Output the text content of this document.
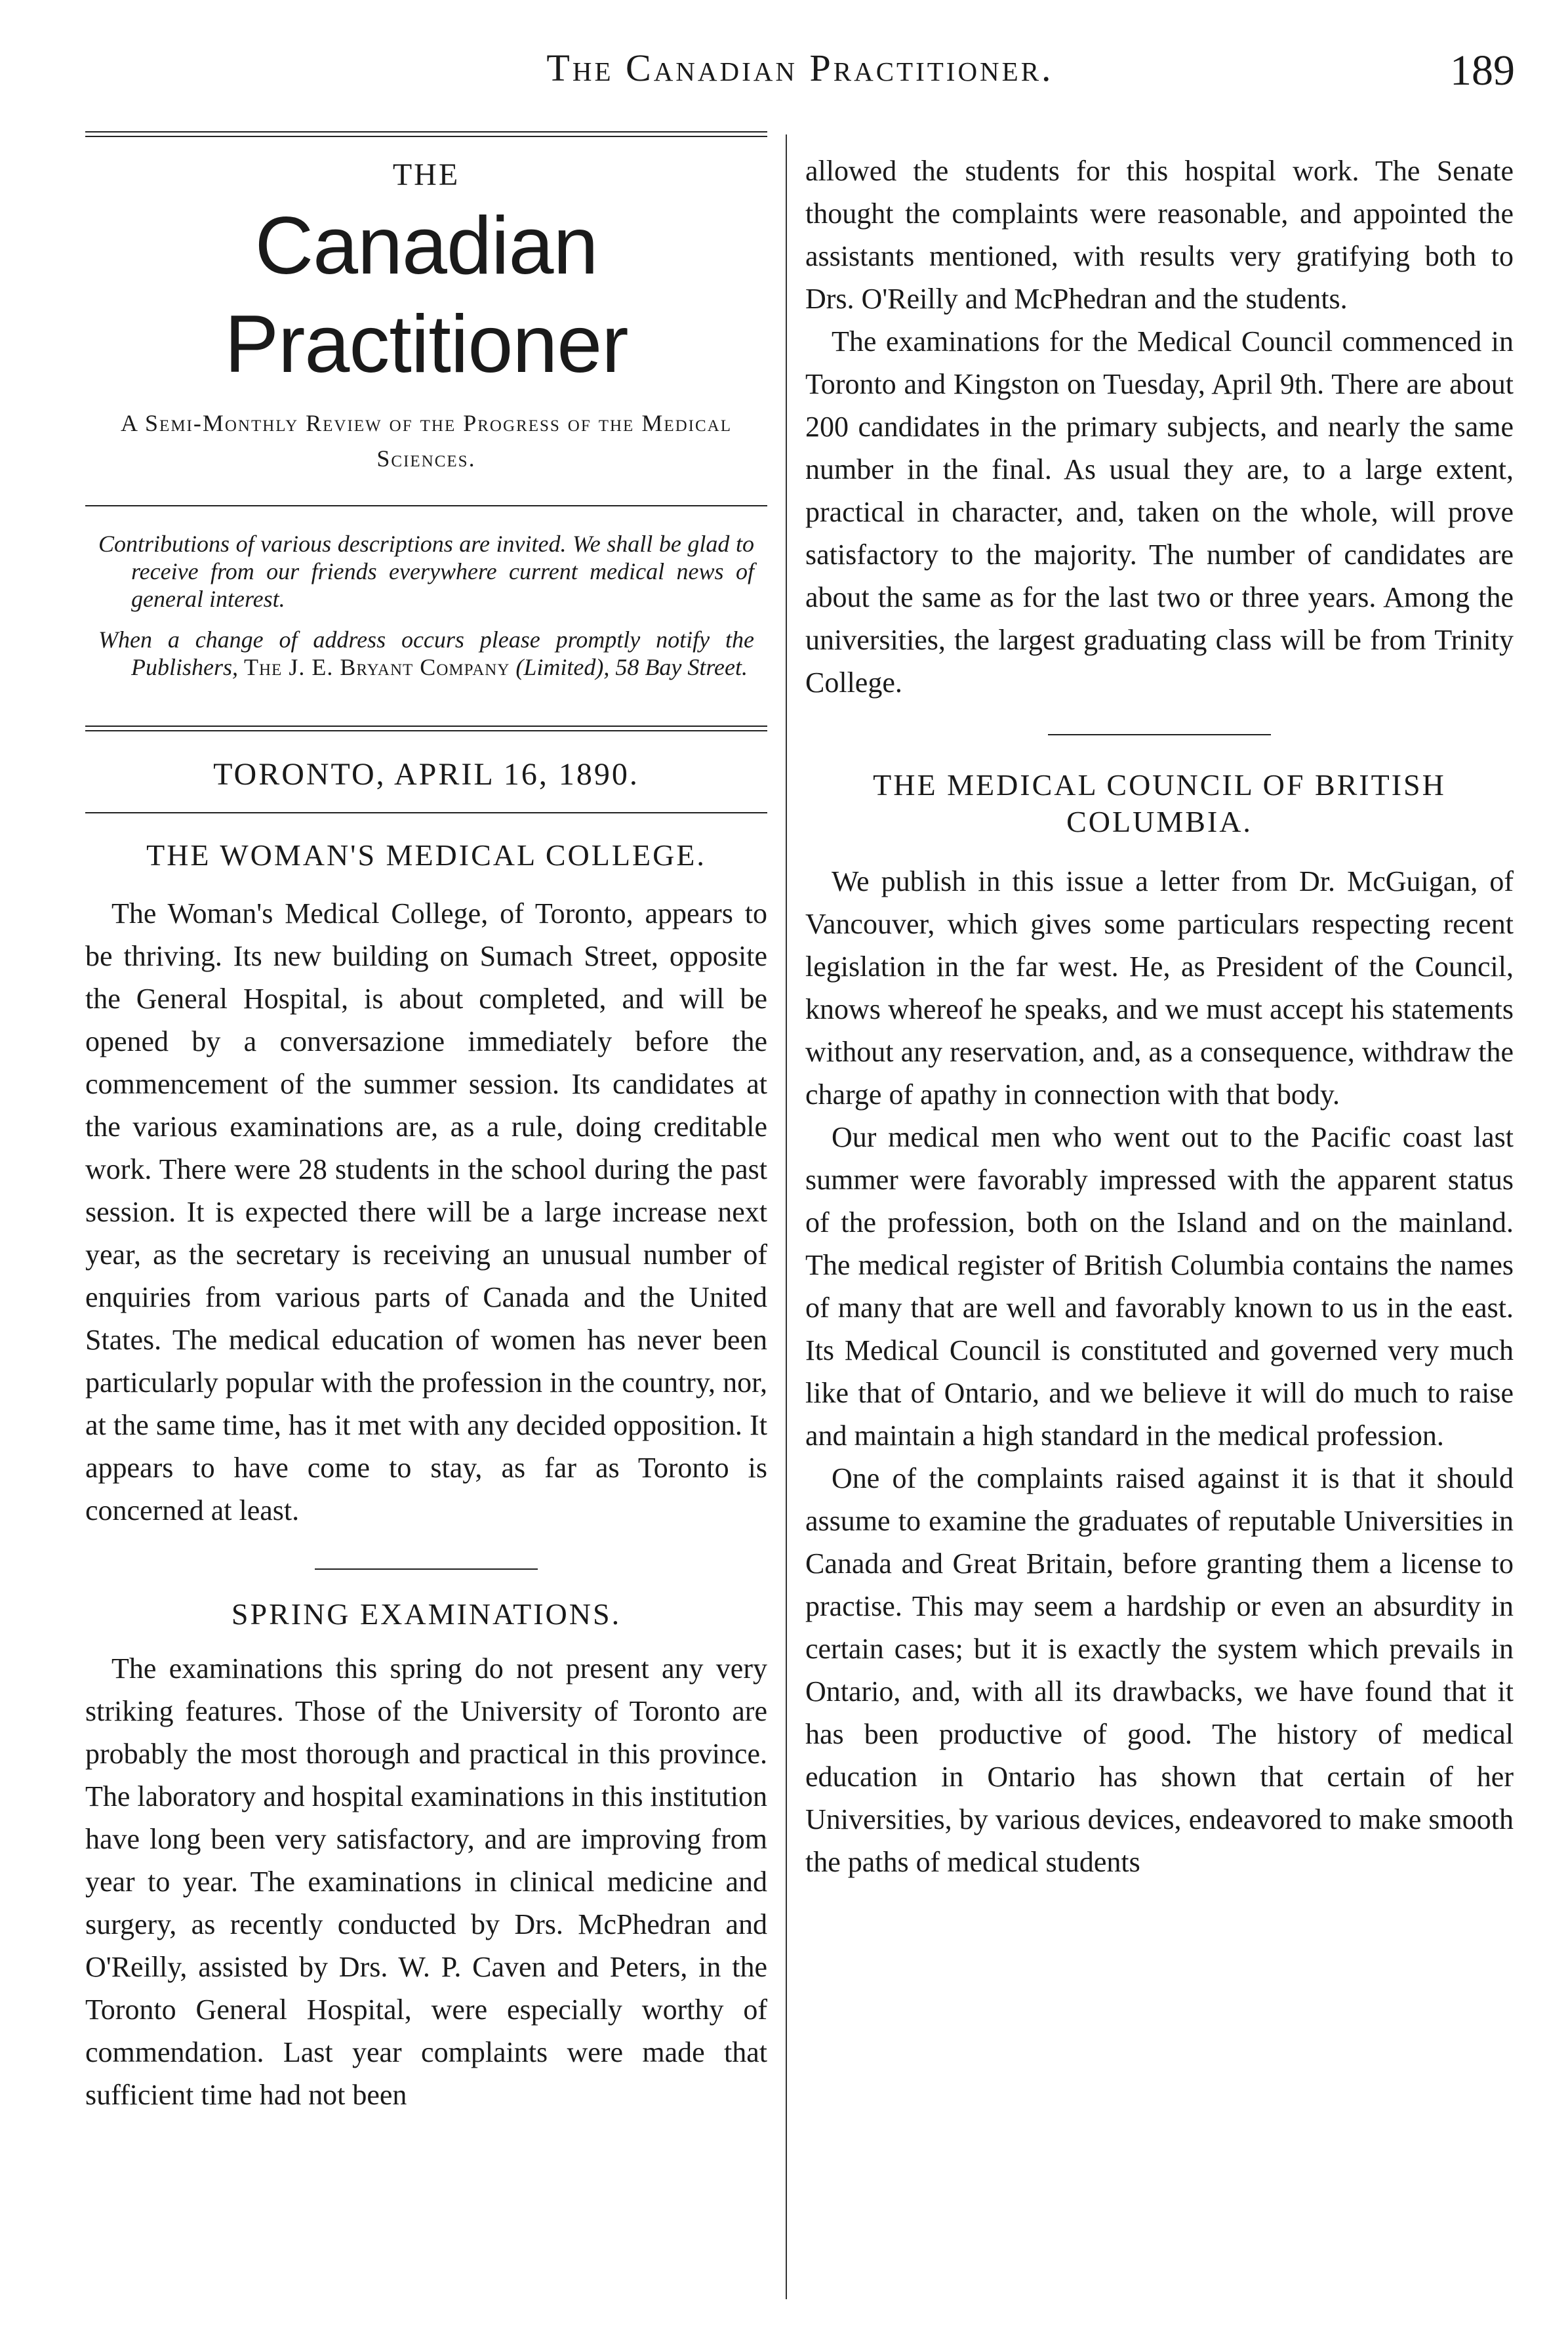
The Canadian Practitioner.	189
THE
Canadian Practitioner
A Semi-Monthly Review of the Progress of the Medical Sciences.
Contributions of various descriptions are invited. We shall be glad to receive from our friends everywhere current medical news of general interest.
When a change of address occurs please promptly notify the Publishers, The J. E. Bryant Company (Limited), 58 Bay Street.
TORONTO, APRIL 16, 1890.
THE WOMAN'S MEDICAL COLLEGE.

The Woman's Medical College, of Toronto, appears to be thriving. Its new building on Sumach Street, opposite the General Hospital, is about completed, and will be opened by a conversazione immediately before the commencement of the summer session. Its candidates at the various examinations are, as a rule, doing creditable work. There were 28 students in the school during the past session. It is expected there will be a large increase next year, as the secretary is receiving an unusual number of enquiries from various parts of Canada and the United States. The medical education of women has never been particularly popular with the profession in the country, nor, at the same time, has it met with any decided opposition. It appears to have come to stay, as far as Toronto is concerned at least.

SPRING EXAMINATIONS.

The examinations this spring do not present any very striking features. Those of the University of Toronto are probably the most thorough and practical in this province. The laboratory and hospital examinations in this institution have long been very satisfactory, and are improving from year to year. The examinations in clinical medicine and surgery, as recently conducted by Drs. McPhedran and O'Reilly, assisted by Drs. W. P. Caven and Peters, in the Toronto General Hospital, were especially worthy of commendation. Last year complaints were made that sufficient time had not been

allowed the students for this hospital work. The Senate thought the complaints were reasonable, and appointed the assistants mentioned, with results very gratifying both to Drs. O'Reilly and McPhedran and the students.

The examinations for the Medical Council commenced in Toronto and Kingston on Tuesday, April 9th. There are about 200 candidates in the primary subjects, and nearly the same number in the final. As usual they are, to a large extent, practical in character, and, taken on the whole, will prove satisfactory to the majority. The number of candidates are about the same as for the last two or three years. Among the universities, the largest graduating class will be from Trinity College.

THE MEDICAL COUNCIL OF BRITISH COLUMBIA.

We publish in this issue a letter from Dr. McGuigan, of Vancouver, which gives some particulars respecting recent legislation in the far west. He, as President of the Council, knows whereof he speaks, and we must accept his statements without any reservation, and, as a consequence, withdraw the charge of apathy in connection with that body.

Our medical men who went out to the Pacific coast last summer were favorably impressed with the apparent status of the profession, both on the Island and on the mainland. The medical register of British Columbia contains the names of many that are well and favorably known to us in the east. Its Medical Council is constituted and governed very much like that of Ontario, and we believe it will do much to raise and maintain a high standard in the medical profession.

One of the complaints raised against it is that it should assume to examine the graduates of reputable Universities in Canada and Great Britain, before granting them a license to practise. This may seem a hardship or even an absurdity in certain cases; but it is exactly the system which prevails in Ontario, and, with all its drawbacks, we have found that it has been productive of good. The history of medical education in Ontario has shown that certain of her Universities, by various devices, endeavored to make smooth the paths of medical students
